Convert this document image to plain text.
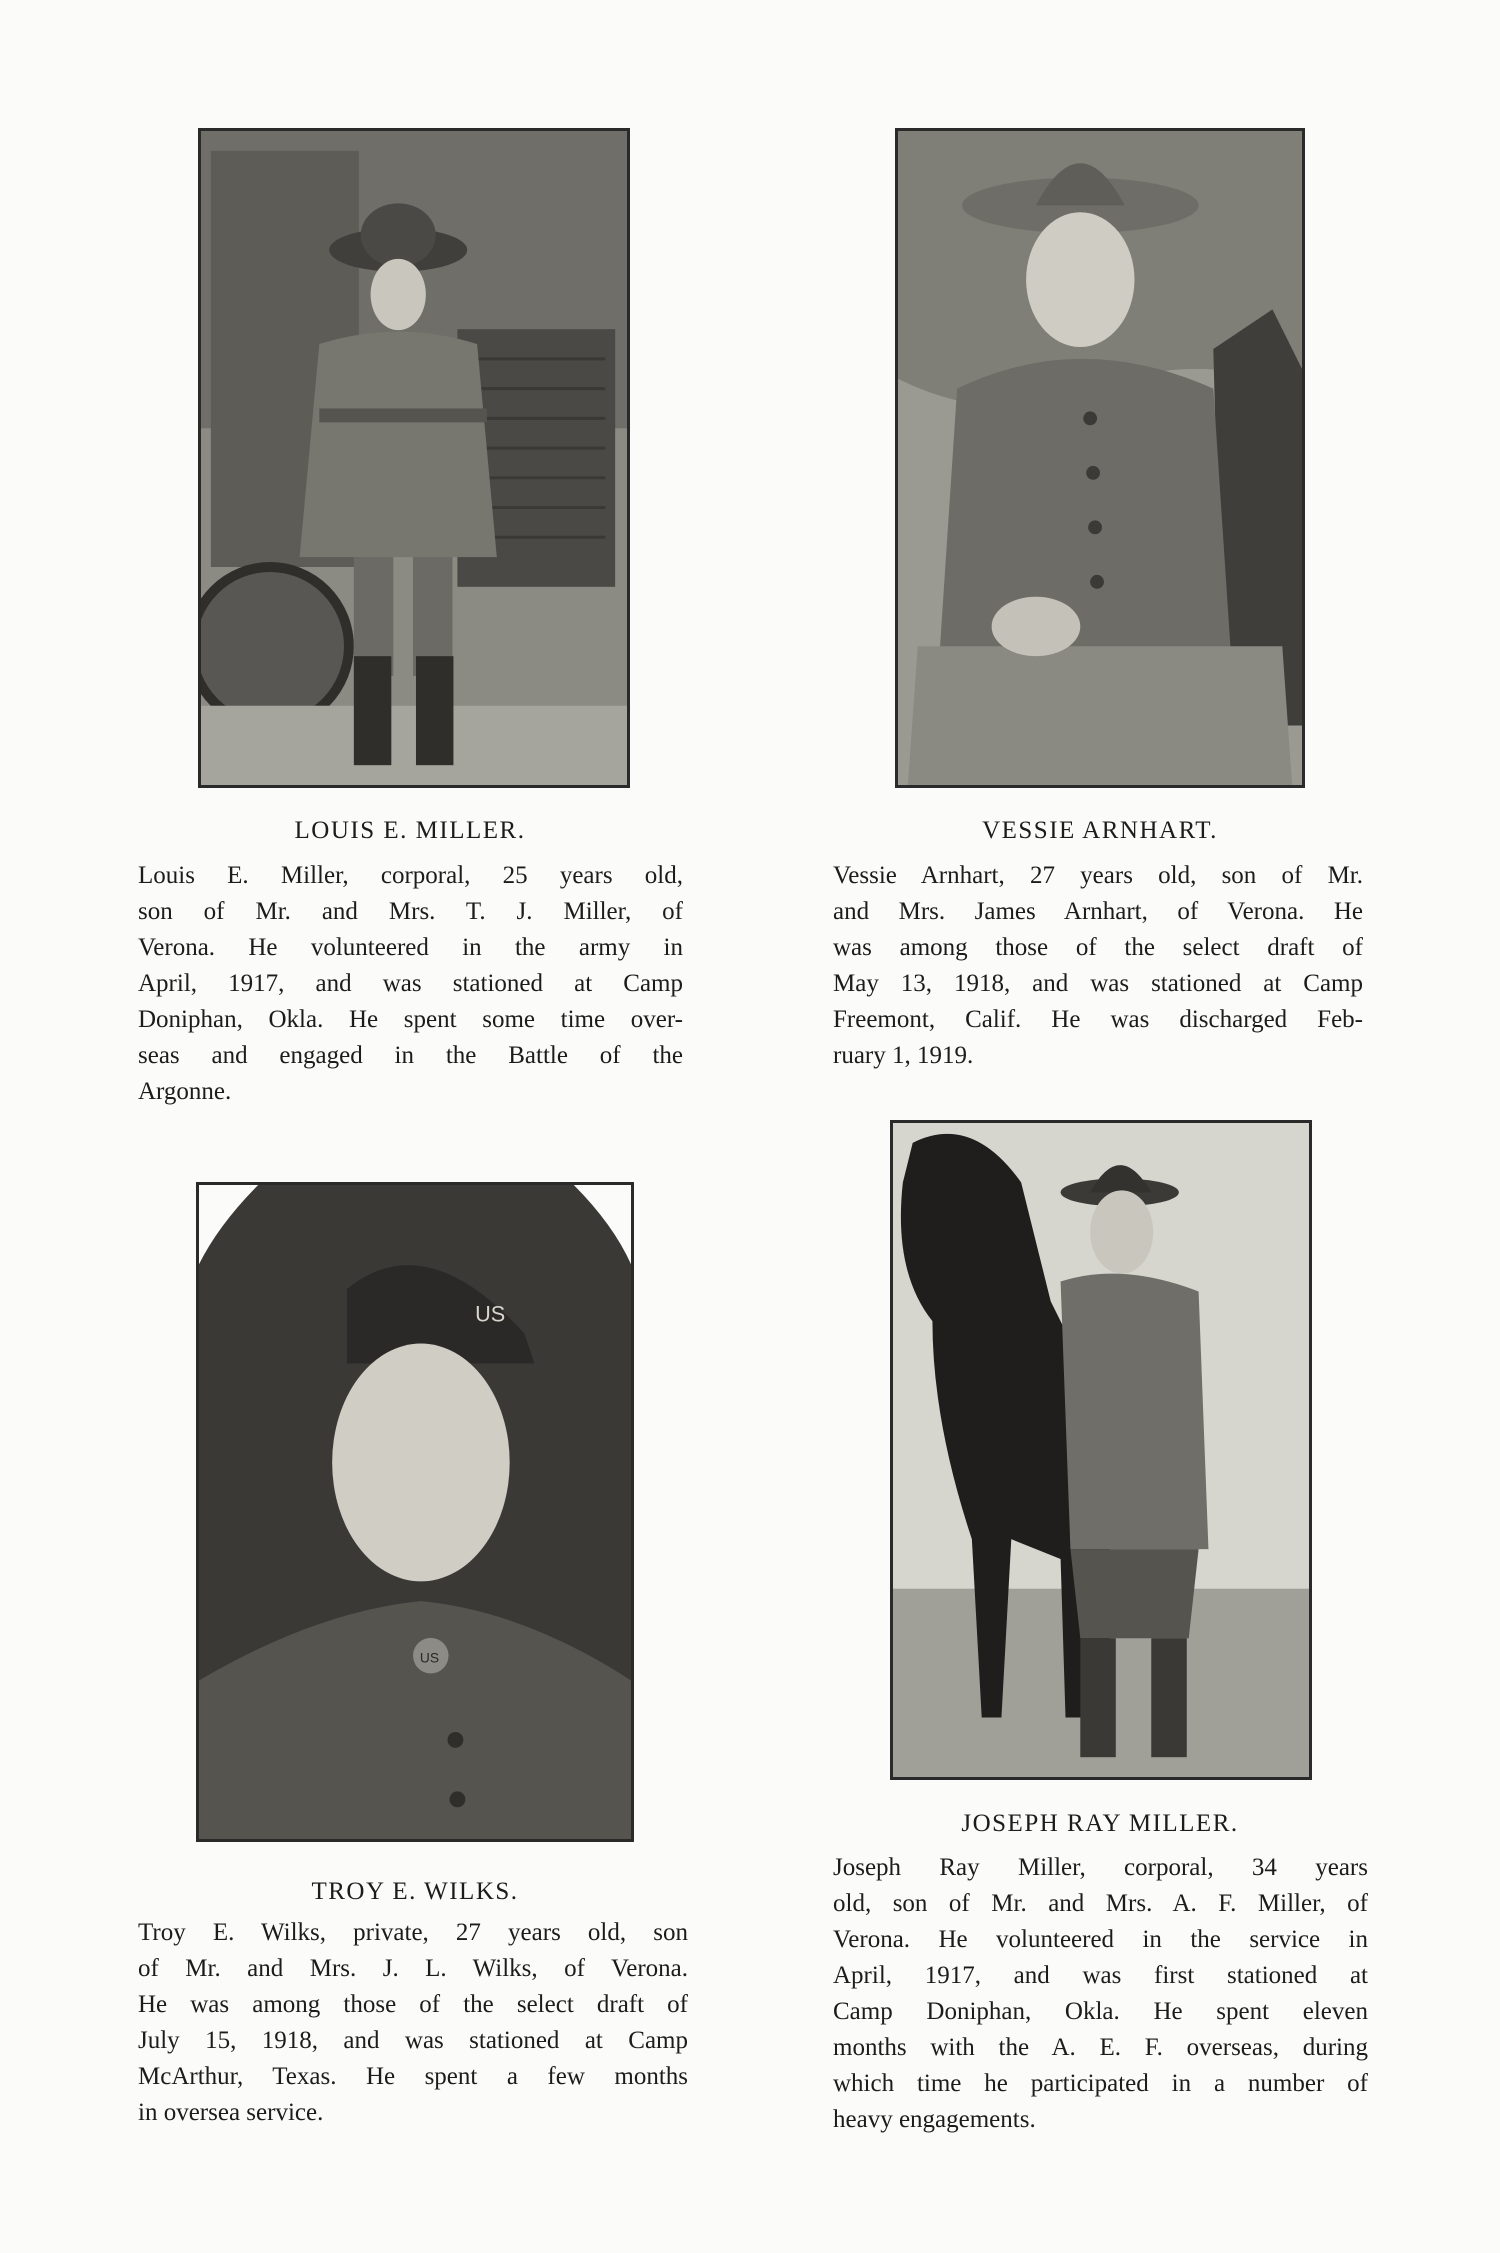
LOUIS E. MILLER.

Louis E. Miller, corporal, 25 years old,
son of Mr. and Mrs. T. J. Miller, of
Verona. He volunteered in the army in
April, 1917, and was stationed at Camp
Doniphan, Okla. He spent some time over-
seas and engaged in the Battle of the
Argonne.

VESSIE ARNHART.

Vessie Arnhart, 27 years old, son of Mr.
and Mrs. James Arnhart, of Verona. He
was among those of the select draft of
May 13, 1918, and was stationed at Camp
Freemont, Calif. He was discharged Feb-
ruary 1, 1919.

US
US
TROY E. WILKS.

Troy E. Wilks, private, 27 years old, son
of Mr. and Mrs. J. L. Wilks, of Verona.
He was among those of the select draft of
July 15, 1918, and was stationed at Camp
McArthur, Texas. He spent a few months
in oversea service.

JOSEPH RAY MILLER.

Joseph Ray Miller, corporal, 34 years
old, son of Mr. and Mrs. A. F. Miller, of
Verona. He volunteered in the service in
April, 1917, and was first stationed at
Camp Doniphan, Okla. He spent eleven
months with the A. E. F. overseas, during
which time he participated in a number of
heavy engagements.
